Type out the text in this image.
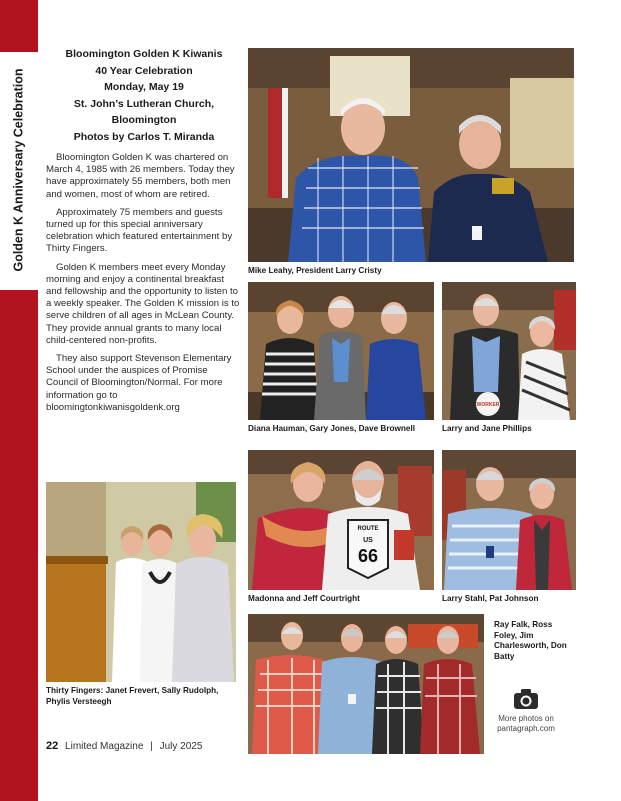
Golden K Anniversary Celebration
Bloomington Golden K Kiwanis
40 Year Celebration
Monday, May 19
St. John’s Lutheran Church,
Bloomington
Photos by Carlos T. Miranda

Bloomington Golden K was chartered on March 4, 1985 with 26 members. Today they have approximately 55 members, both men and women, most of whom are retired.

Approximately 75 members and guests turned up for this special anniversary celebration which featured entertainment by Thirty Fingers.

Golden K members meet every Monday morning and enjoy a continental breakfast and fellowship and the opportunity to listen to a weekly speaker. The Golden K mission is to serve children of all ages in McLean County. They provide annual grants to many local child-centered non-profits.

They also support Stevenson Elementary School under the auspices of Promise Council of Bloomington/Normal. For more information go to bloomingtonkiwanisgoldenk.org

Mike Leahy, President Larry Cristy
Diana Hauman, Gary Jones, Dave Brownell
WORKER
Larry and Jane Phillips
ROUTE
US
66
Madonna and Jeff Courtright	Larry Stahl, Pat Johnson
Thirty Fingers: Janet Frevert, Sally Rudolph, Phylis Versteegh
Ray Falk, Ross Foley, Jim Charlesworth, Don Batty
More photos on
pantagraph.com
22 Limited Magazine | July 2025
